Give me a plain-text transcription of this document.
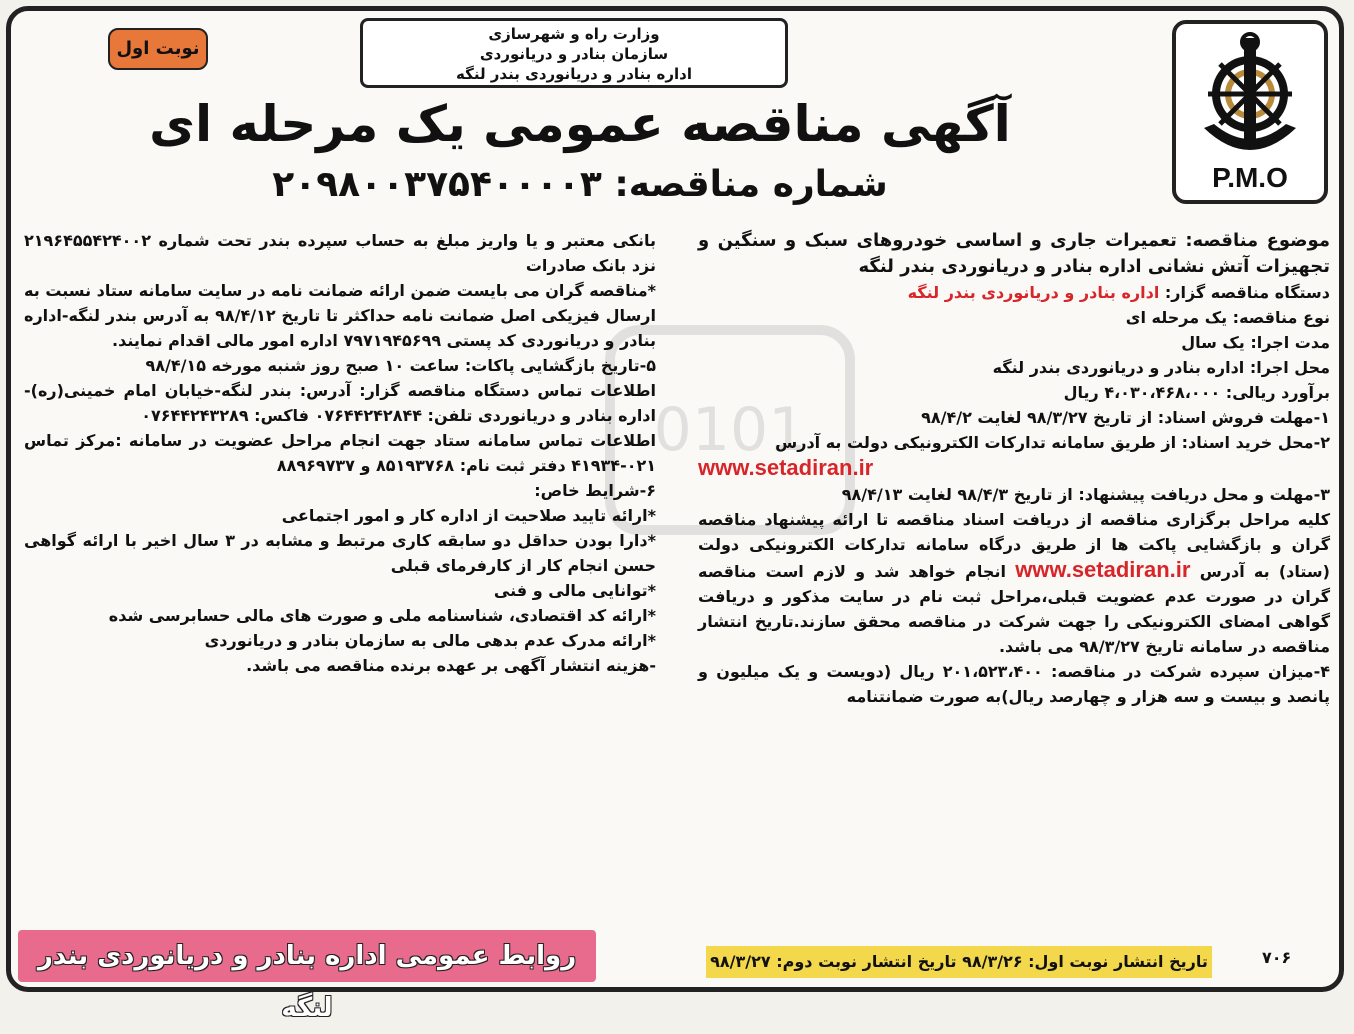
P.M.O
وزارت راه و شهرسازی
سازمان بنادر و دریانوردی
اداره بنادر و دریانوردی بندر لنگه
نوبت اول
آگهی مناقصه عمومی یک مرحله ای
شماره مناقصه: ۲۰۹۸۰۰۳۷۵۴۰۰۰۰۳

موضوع مناقصه: تعمیرات جاری و اساسی خودروهای سبک و سنگین و تجهیزات آتش نشانی اداره بنادر و دریانوردی بندر لنگه

دستگاه مناقصه گزار: اداره بنادر و دریانوردی بندر لنگه

نوع مناقصه: یک مرحله ای

مدت اجرا: یک سال

محل اجرا: اداره بنادر و دریانوردی بندر لنگه

برآورد ریالی: ۴،۰۳۰،۴۶۸،۰۰۰ ریال

۱-مهلت فروش اسناد: از تاریخ ۹۸/۳/۲۷ لغایت ۹۸/۴/۲

۲-محل خرید اسناد: از طریق سامانه تدارکات الکترونیکی دولت به آدرس

www.setadiran.ir

۳-مهلت و محل دریافت پیشنهاد: از تاریخ ۹۸/۴/۳ لغایت ۹۸/۴/۱۳

کلیه مراحل برگزاری مناقصه از دریافت اسناد مناقصه تا ارائه پیشنهاد مناقصه گران و بازگشایی پاکت ها از طریق درگاه سامانه تدارکات الکترونیکی دولت (ستاد) به آدرس www.setadiran.ir انجام خواهد شد و لازم است مناقصه گران در صورت عدم عضویت قبلی،مراحل ثبت نام در سایت مذکور و دریافت گواهی امضای الکترونیکی را جهت شرکت در مناقصه محقق سازند.تاریخ انتشار مناقصه در سامانه تاریخ ۹۸/۳/۲۷ می باشد.

۴-میزان سپرده شرکت در مناقصه: ۲۰۱،۵۲۳،۴۰۰ ریال (دویست و یک میلیون و پانصد و بیست و سه هزار و چهارصد ریال)به صورت ضمانتنامه

بانکی معتبر و یا واریز مبلغ به حساب سپرده بندر تحت شماره ۲۱۹۶۴۵۵۴۲۴۰۰۲ نزد بانک صادرات

* مناقصه گران می بایست ضمن ارائه ضمانت نامه در سایت سامانه ستاد نسبت به ارسال فیزیکی اصل ضمانت نامه حداکثر تا تاریخ ۹۸/۴/۱۲ به آدرس بندر لنگه-اداره بنادر و دریانوردی کد پستی ۷۹۷۱۹۴۵۶۹۹ اداره امور مالی اقدام نمایند.

۵-تاریخ بازگشایی پاکات: ساعت ۱۰ صبح روز شنبه مورخه ۹۸/۴/۱۵

اطلاعات تماس دستگاه مناقصه گزار: آدرس: بندر لنگه-خیابان امام خمینی(ره)-اداره بنادر و دریانوردی تلفن: ۰۷۶۴۴۲۴۲۸۴۴ فاکس: ۰۷۶۴۴۲۴۳۲۸۹

اطلاعات تماس سامانه ستاد جهت انجام مراحل عضویت در سامانه :مرکز تماس ۰۲۱-۴۱۹۳۴ دفتر ثبت نام: ۸۵۱۹۳۷۶۸ و ۸۸۹۶۹۷۳۷

۶-شرایط خاص:

* ارائه تایید صلاحیت از اداره کار و امور اجتماعی

* دارا بودن حداقل دو سابقه کاری مرتبط و مشابه در ۳ سال اخیر با ارائه گواهی حسن انجام کار از کارفرمای قبلی

* توانایی مالی و فنی

* ارائه کد اقتصادی، شناسنامه ملی و صورت های مالی حسابرسی شده

* ارائه مدرک عدم بدهی مالی به سازمان بنادر و دریانوردی

-هزینه انتشار آگهی بر عهده برنده مناقصه می باشد.

روابط عمومی اداره بنادر و دریانوردی بندر لنگه
تاریخ انتشار نوبت اول: ۹۸/۳/۲۶ تاریخ انتشار نوبت دوم: ۹۸/۳/۲۷	۷۰۶
